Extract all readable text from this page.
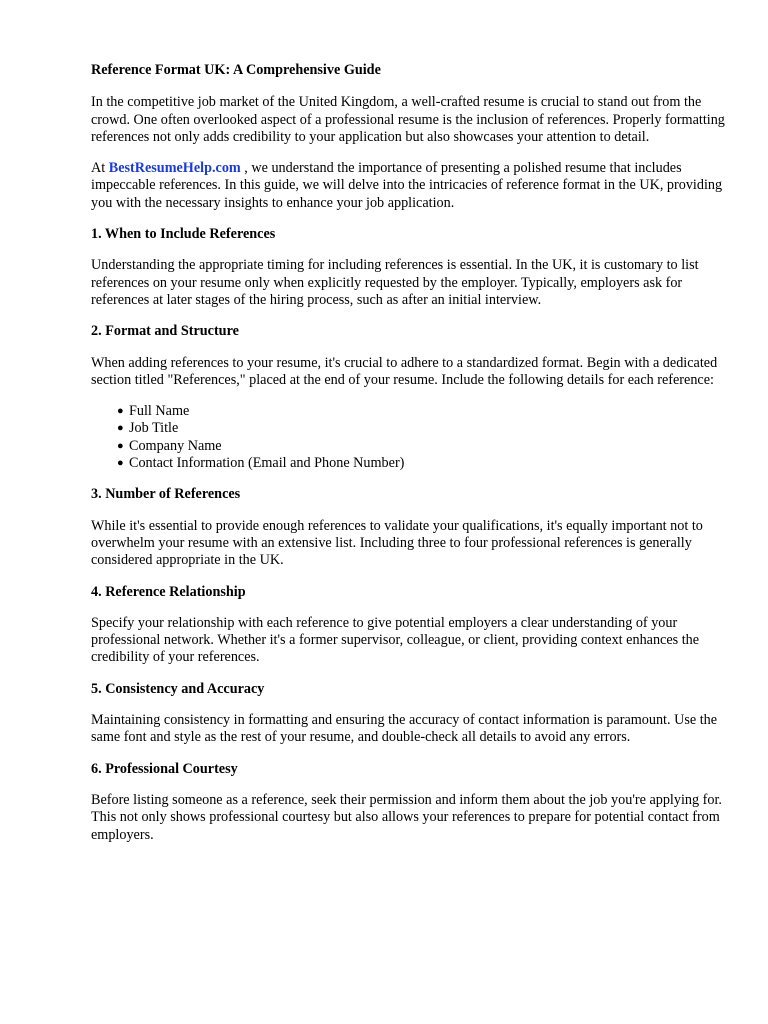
Reference Format UK: A Comprehensive Guide

In the competitive job market of the United Kingdom, a well-crafted resume is crucial to stand out from the crowd. One often overlooked aspect of a professional resume is the inclusion of references. Properly formatting references not only adds credibility to your application but also showcases your attention to detail.

At BestResumeHelp.com , we understand the importance of presenting a polished resume that includes impeccable references. In this guide, we will delve into the intricacies of reference format in the UK, providing you with the necessary insights to enhance your job application.

1. When to Include References

Understanding the appropriate timing for including references is essential. In the UK, it is customary to list references on your resume only when explicitly requested by the employer. Typically, employers ask for references at later stages of the hiring process, such as after an initial interview.

2. Format and Structure

When adding references to your resume, it's crucial to adhere to a standardized format. Begin with a dedicated section titled "References," placed at the end of your resume. Include the following details for each reference:

● Full Name
● Job Title
● Company Name
● Contact Information (Email and Phone Number)
3. Number of References

While it's essential to provide enough references to validate your qualifications, it's equally important not to overwhelm your resume with an extensive list. Including three to four professional references is generally considered appropriate in the UK.

4. Reference Relationship

Specify your relationship with each reference to give potential employers a clear understanding of your professional network. Whether it's a former supervisor, colleague, or client, providing context enhances the credibility of your references.

5. Consistency and Accuracy

Maintaining consistency in formatting and ensuring the accuracy of contact information is paramount. Use the same font and style as the rest of your resume, and double-check all details to avoid any errors.

6. Professional Courtesy

Before listing someone as a reference, seek their permission and inform them about the job you're applying for. This not only shows professional courtesy but also allows your references to prepare for potential contact from employers.
